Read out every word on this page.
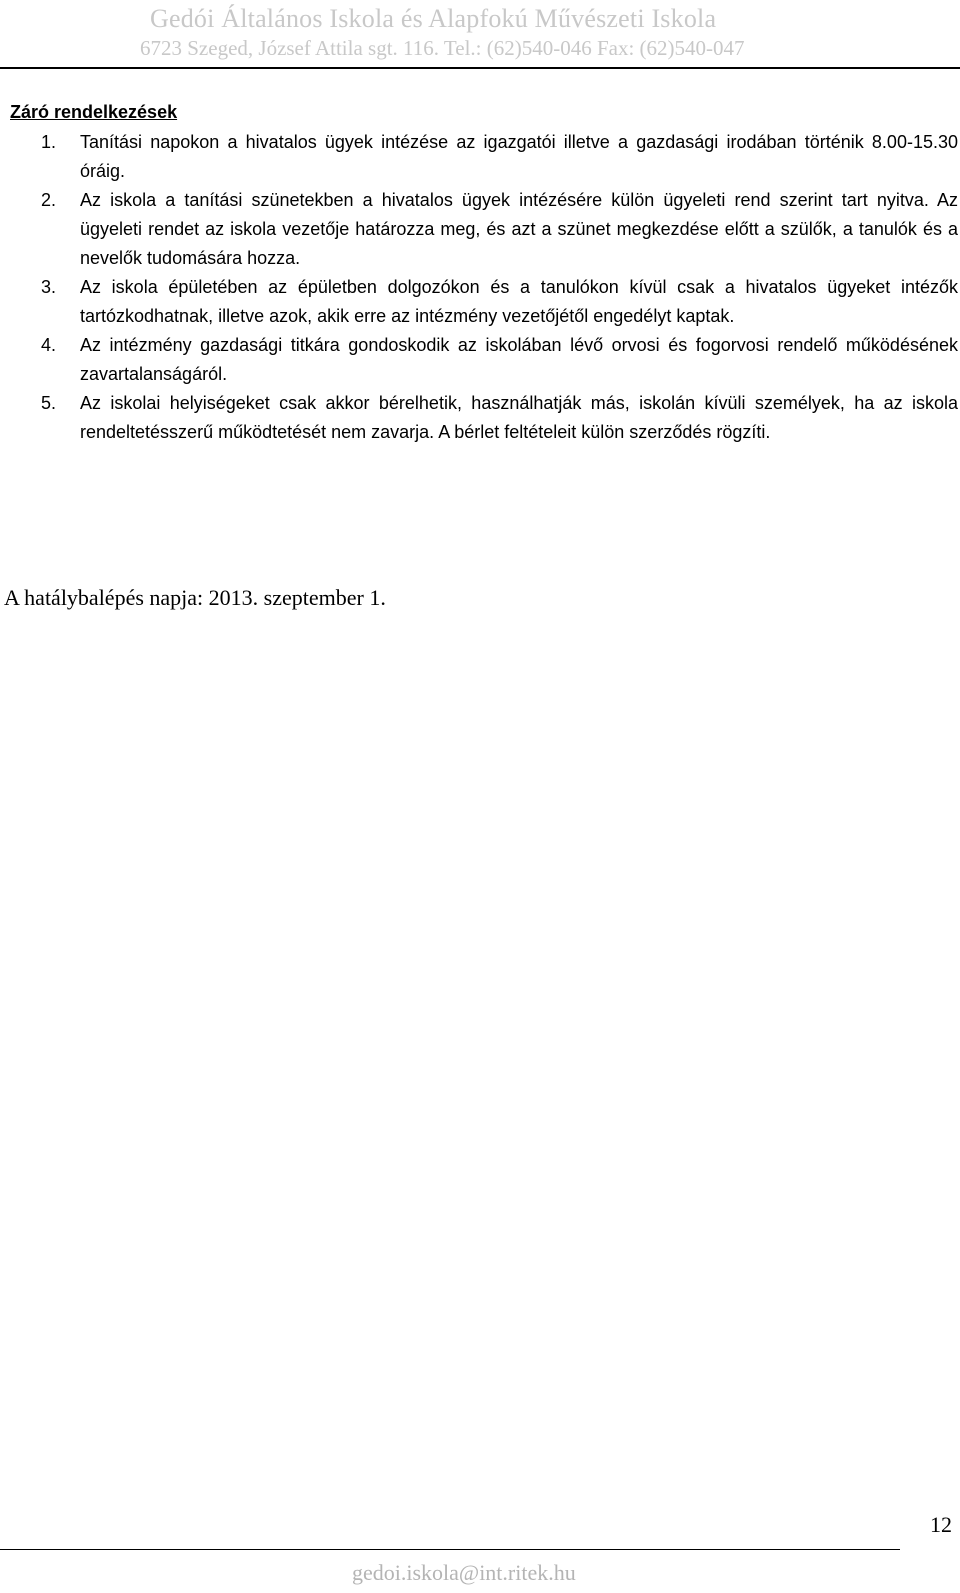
Gedói Általános Iskola és Alapfokú Művészeti Iskola
6723 Szeged, József Attila sgt. 116. Tel.: (62)540-046 Fax: (62)540-047
Záró rendelkezések
1. Tanítási napokon a hivatalos ügyek intézése az igazgatói illetve a gazdasági irodában történik 8.00-15.30 óráig.
2. Az iskola a tanítási szünetekben a hivatalos ügyek intézésére külön ügyeleti rend szerint tart nyitva. Az ügyeleti rendet az iskola vezetője határozza meg, és azt a szünet megkezdése előtt a szülők, a tanulók és a nevelők tudomására hozza.
3. Az iskola épületében az épületben dolgozókon és a tanulókon kívül csak a hivatalos ügyeket intézők tartózkodhatnak, illetve azok, akik erre az intézmény vezetőjétől engedélyt kaptak.
4. Az intézmény gazdasági titkára gondoskodik az iskolában lévő orvosi és fogorvosi rendelő működésének zavartalanságáról.
5. Az iskolai helyiségeket csak akkor bérelhetik, használhatják más, iskolán kívüli személyek, ha az iskola rendeltetésszerű működtetését nem zavarja. A bérlet feltételeit külön szerződés rögzíti.
A hatálybalépés napja: 2013. szeptember 1.
12
gedoi.iskola@int.ritek.hu
